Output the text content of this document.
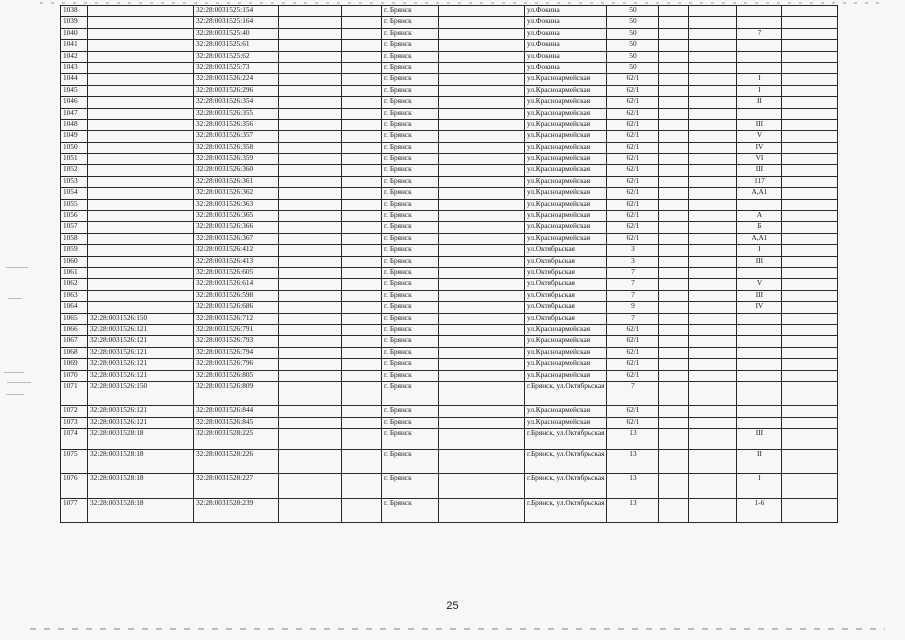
1038		32:28:0031525:154			г. Брянск		ул.Фокина	50				
1039		32:28:0031525:164			г. Брянск		ул.Фокина	50				
1040		32:28:0031525:40			г. Брянск		ул.Фокина	50			7	
1041		32:28:0031525:61			г. Брянск		ул.Фокина	50				
1042		32:28:0031525:62			г. Брянск		ул.Фокина	50				
1043		32:28:0031525:73			г. Брянск		ул.Фокина	50				
1044		32:28:0031526:224			г. Брянск		ул.Красноармейская	62/1			I	
1045		32:28:0031526:296			г. Брянск		ул.Красноармейская	62/1			I	
1046		32:28:0031526:354			г. Брянск		ул.Красноармейская	62/1			II	
1047		32:28:0031526:355			г. Брянск		ул.Красноармейская	62/1				
1048		32:28:0031526:356			г. Брянск		ул.Красноармейская	62/1			III	
1049		32:28:0031526:357			г. Брянск		ул.Красноармейская	62/1			V	
1050		32:28:0031526:358			г. Брянск		ул.Красноармейская	62/1			IV	
1051		32:28:0031526:359			г. Брянск		ул.Красноармейская	62/1			VI	
1052		32:28:0031526:360			г. Брянск		ул.Красноармейская	62/1			III	
1053		32:28:0031526:361			г. Брянск		ул.Красноармейская	62/1			117	
1054		32:28:0031526:362			г. Брянск		ул.Красноармейская	62/1			A,A1	
1055		32:28:0031526:363			г. Брянск		ул.Красноармейская	62/1				
1056		32:28:0031526:365			г. Брянск		ул.Красноармейская	62/1			A	
1057		32:28:0031526:366			г. Брянск		ул.Красноармейская	62/1			Б	
1058		32:28:0031526:367			г. Брянск		ул.Красноармейская	62/1			A,A1	
1059		32:28:0031526:412			г. Брянск		ул.Октябрьская	3			I	
1060		32:28:0031526:413			г. Брянск		ул.Октябрьская	3			III	
1061		32:28:0031526:605			г. Брянск		ул.Октябрьская	7				
1062		32:28:0031526:614			г. Брянск		ул.Октябрьская	7			V	
1063		32:28:0031526:598			г. Брянск		ул.Октябрьская	7			III	
1064		32:28:0031526:686			г. Брянск		ул.Октябрьская	9			IV	
1065	32:28:0031526:150	32:28:0031526:712			г. Брянск		ул.Октябрьская	7				
1066	32:28:0031526:121	32:28:0031526:791			г. Брянск		ул.Красноармейская	62/1				
1067	32:28:0031526:121	32:28:0031526:793			г. Брянск		ул.Красноармейская	62/1				
1068	32:28:0031526:121	32:28:0031526:794			г. Брянск		ул.Красноармейская	62/1				
1069	32:28:0031526:121	32:28:0031526:796			г. Брянск		ул.Красноармейская	62/1				
1070	32:28:0031526:121	32:28:0031526:805			г. Брянск		ул.Красноармейская	62/1				
1071	32:28:0031526:150	32:28:0031526:809			г. Брянск		г.Брянск, ул.Октябрьская	7				
1072	32:28:0031526:121	32:28:0031526:844			г. Брянск		ул.Красноармейская	62/1				
1073	32:28:0031526:121	32:28:0031526:845			г. Брянск		ул.Красноармейская	62/1				
1074	32:28:0031528:18	32:28:0031528:225			г. Брянск		г.Брянск, ул.Октябрьская	13			III	
1075	32:28:0031528:18	32:28:0031528:226			г. Брянск		г.Брянск, ул.Октябрьская	13			II	
1076	32:28:0031528:18	32:28:0031528:227			г. Брянск		г.Брянск, ул.Октябрьская	13			I	
1077	32:28:0031528:18	32:28:0031528:239			г. Брянск		г.Брянск, ул.Октябрьская	13			1-6	
25
